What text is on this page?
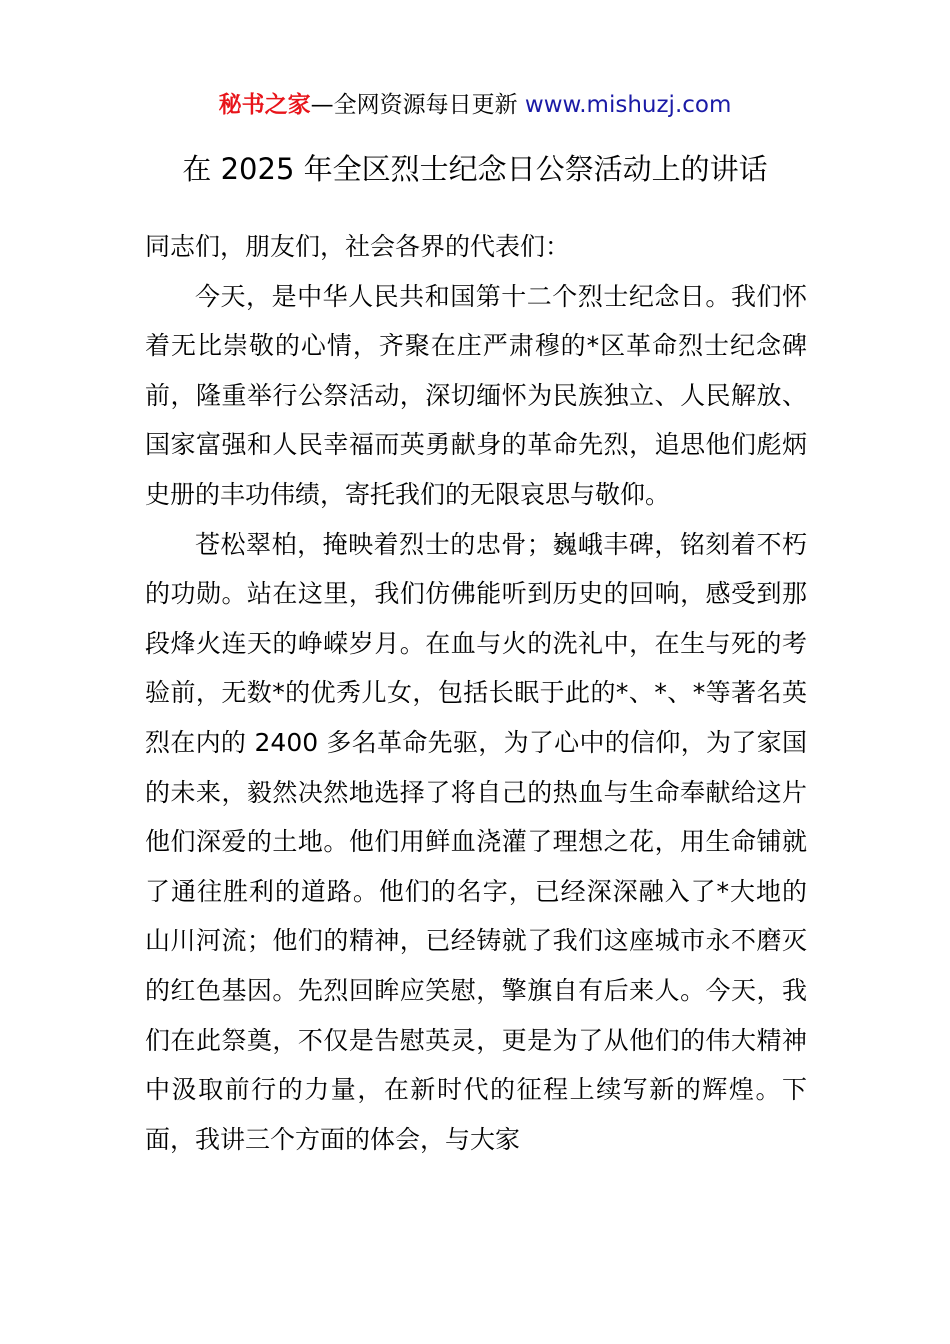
秘书之家—全网资源每日更新 www.mishuzj.com
在 2025 年全区烈士纪念日公祭活动上的讲话

同志们，朋友们，社会各界的代表们：

今天，是中华人民共和国第十二个烈士纪念日。我们怀着无比崇敬的心情，齐聚在庄严肃穆的*区革命烈士纪念碑前，隆重举行公祭活动，深切缅怀为民族独立、人民解放、国家富强和人民幸福而英勇献身的革命先烈，追思他们彪炳史册的丰功伟绩，寄托我们的无限哀思与敬仰。

苍松翠柏，掩映着烈士的忠骨；巍峨丰碑，铭刻着不朽的功勋。站在这里，我们仿佛能听到历史的回响，感受到那段烽火连天的峥嵘岁月。在血与火的洗礼中，在生与死的考验前，无数*的优秀儿女，包括长眠于此的*、*、*等著名英烈在内的 2400 多名革命先驱，为了心中的信仰，为了家国的未来，毅然决然地选择了将自己的热血与生命奉献给这片他们深爱的土地。他们用鲜血浇灌了理想之花，用生命铺就了通往胜利的道路。他们的名字，已经深深融入了*大地的山川河流；他们的精神，已经铸就了我们这座城市永不磨灭的红色基因。先烈回眸应笑慰，擎旗自有后来人。今天，我们在此祭奠，不仅是告慰英灵，更是为了从他们的伟大精神中汲取前行的力量，在新时代的征程上续写新的辉煌。下面，我讲三个方面的体会，与大家
